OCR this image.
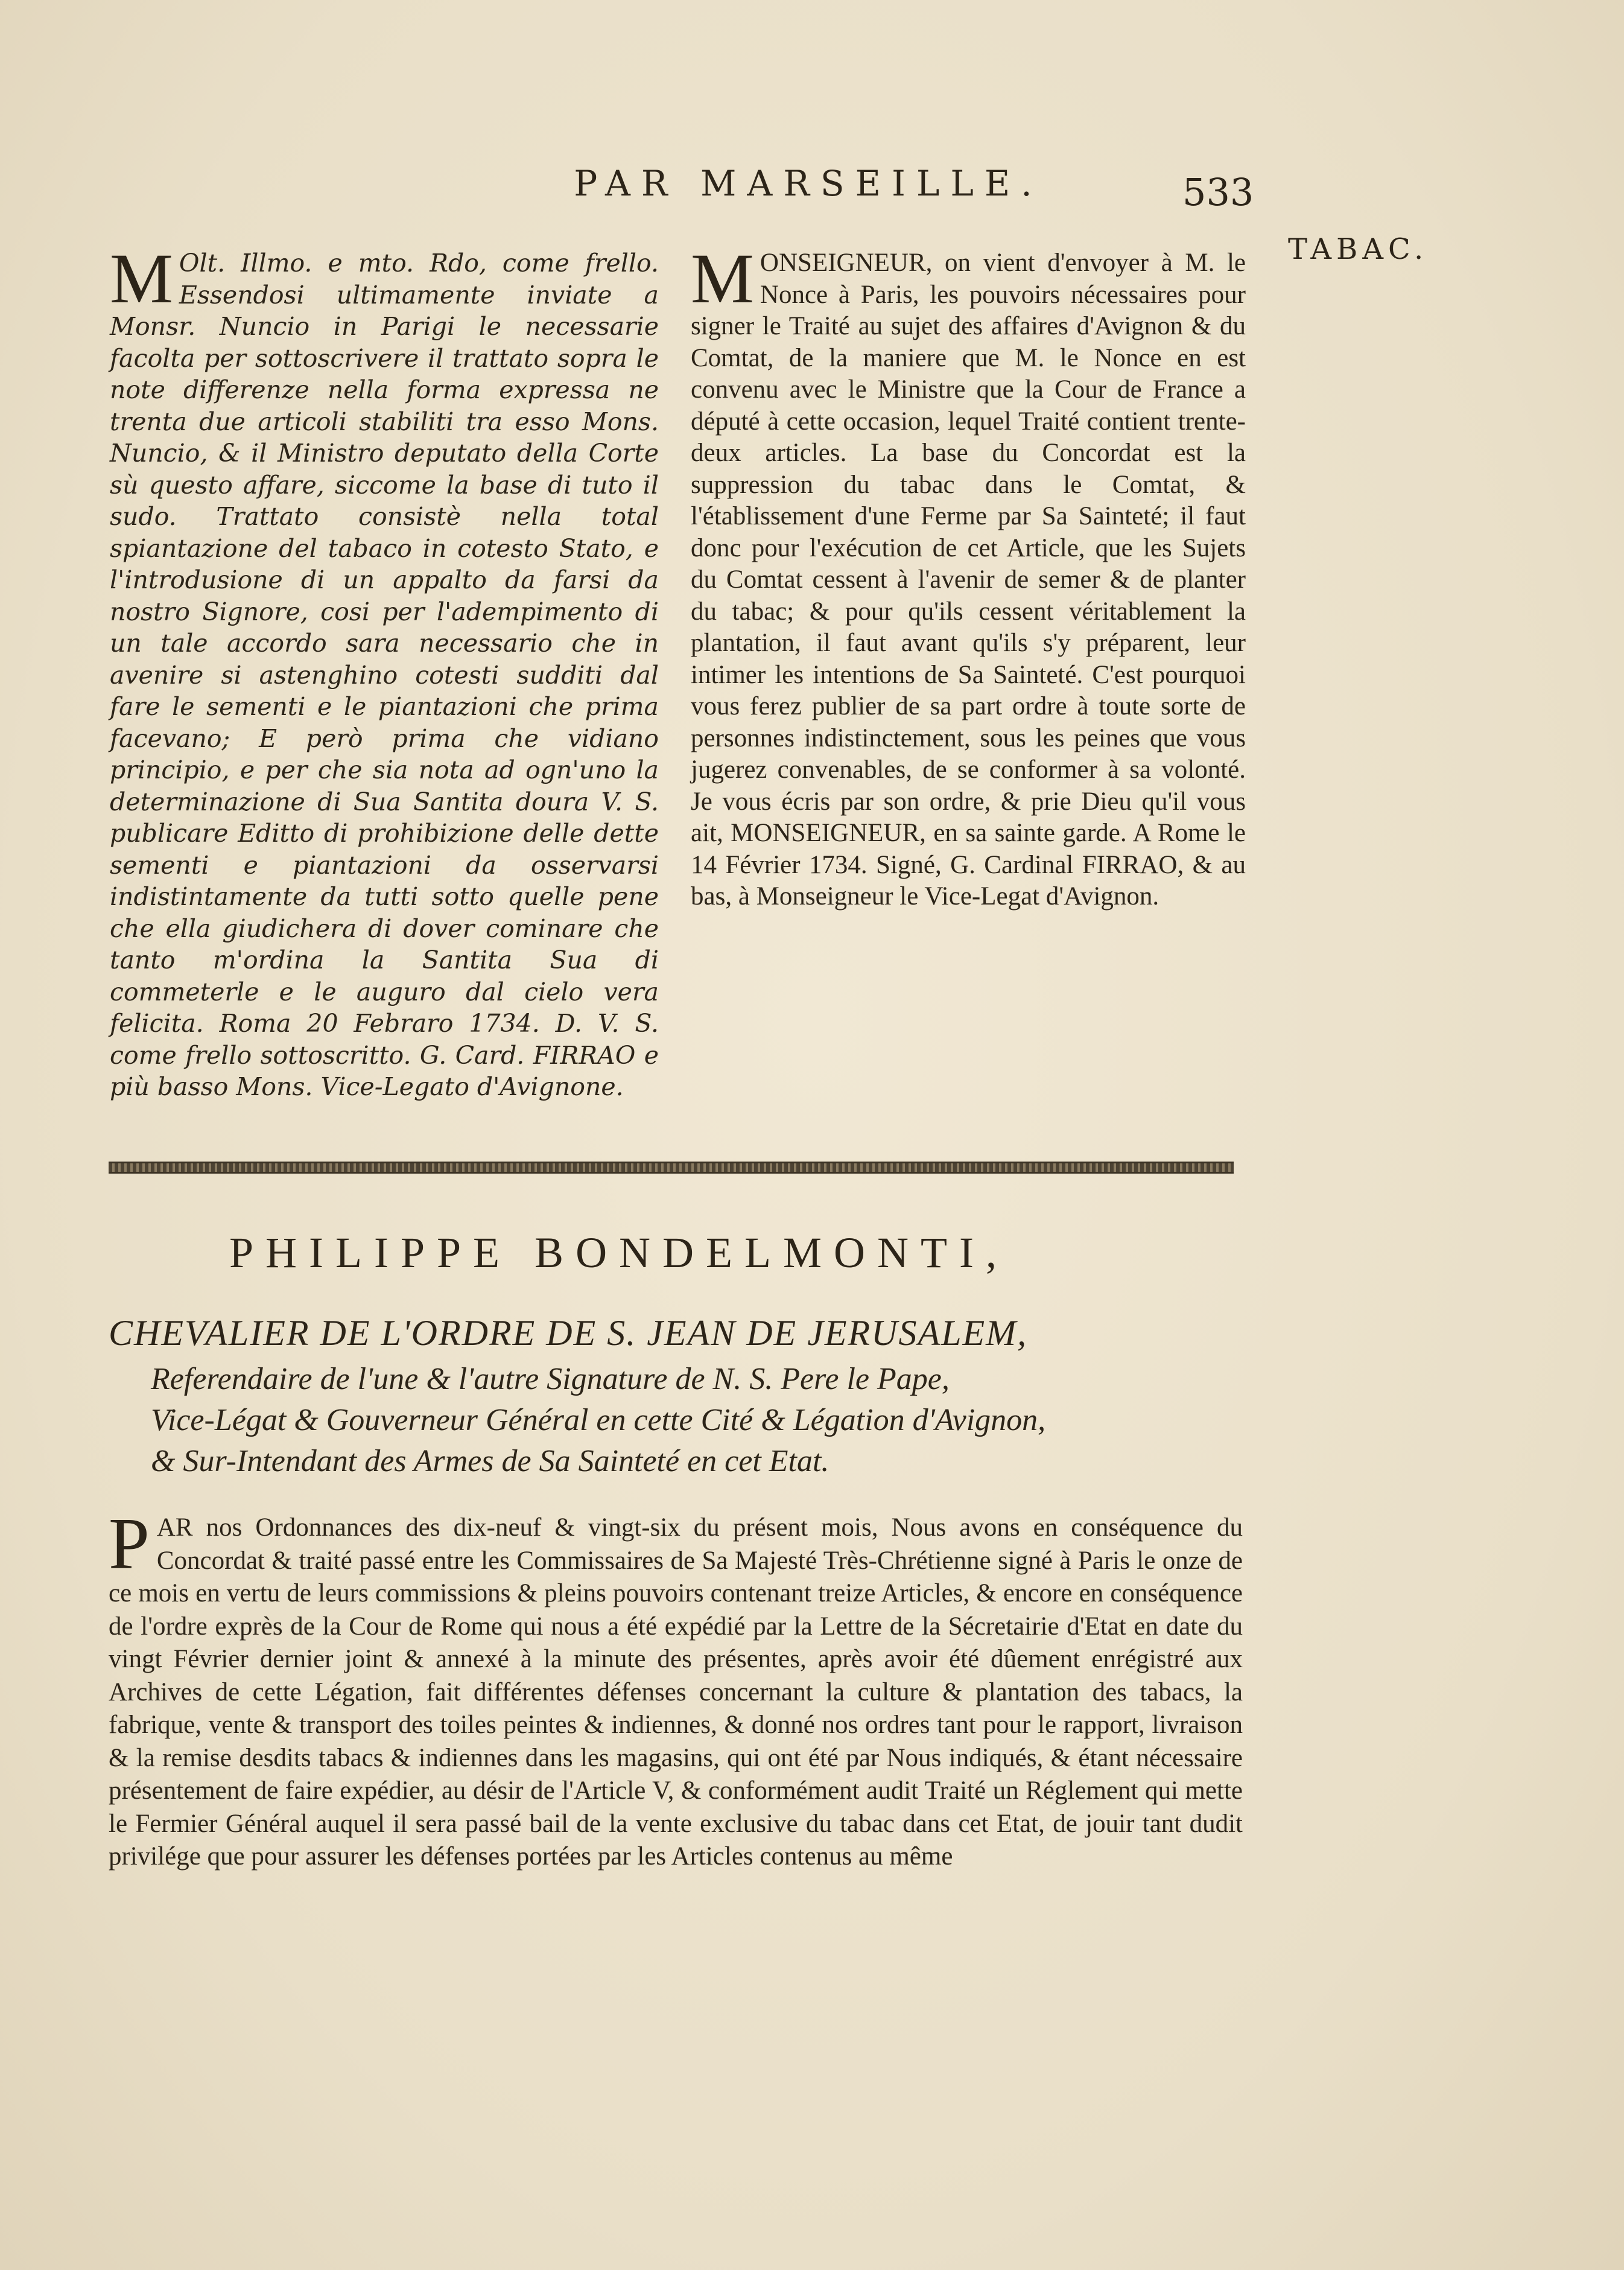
PAR MARSEILLE.	533
TABAC.

M Olt. Illmo. e mto. Rdo, come frello. Essendosi ultimamente inviate a Monsr. Nuncio in Parigi le necessarie facolta per sottoscrivere il trattato sopra le note differenze nella forma expressa ne trenta due articoli stabiliti tra esso Mons. Nuncio, & il Ministro deputato della Corte sù questo affare, siccome la base di tuto il sudo. Trattato consistè nella total spiantazione del tabaco in cotesto Stato, e l'introdusione di un appalto da farsi da nostro Signore, cosi per l'adempimento di un tale accordo sara necessario che in avenire si astenghino cotesti sudditi dal fare le sementi e le piantazioni che prima facevano; E però prima che vidiano principio, e per che sia nota ad ogn'uno la determinazione di Sua Santita doura V. S. publicare Editto di prohibizione delle dette sementi e piantazioni da osservarsi indistintamente da tutti sotto quelle pene che ella giudichera di dover cominare che tanto m'ordina la Santita Sua di commeterle e le auguro dal cielo vera felicita. Roma 20 Febraro 1734. D. V. S. come frello sottoscritto. G. Card. FIRRAO e più basso Mons. Vice-Legato d'Avignone.

MONSEIGNEUR, on vient d'envoyer à M. le Nonce à Paris, les pouvoirs nécessaires pour signer le Traité au sujet des affaires d'Avignon & du Comtat, de la maniere que M. le Nonce en est convenu avec le Ministre que la Cour de France a député à cette occasion, lequel Traité contient trente-deux articles. La base du Concordat est la suppression du tabac dans le Comtat, & l'établissement d'une Ferme par Sa Sainteté; il faut donc pour l'exécution de cet Article, que les Sujets du Comtat cessent à l'avenir de semer & de planter du tabac; & pour qu'ils cessent véritablement la plantation, il faut avant qu'ils s'y préparent, leur intimer les intentions de Sa Sainteté. C'est pourquoi vous ferez publier de sa part ordre à toute sorte de personnes indistinctement, sous les peines que vous jugerez convenables, de se conformer à sa volonté. Je vous écris par son ordre, & prie Dieu qu'il vous ait, MONSEIGNEUR, en sa sainte garde. A Rome le 14 Février 1734. Signé, G. Cardinal FIRRAO, & au bas, à Monseigneur le Vice-Legat d'Avignon.

PHILIPPE BONDELMONTI,
CHEVALIER DE L'ORDRE DE S. JEAN DE JERUSALEM,
Referendaire de l'une & l'autre Signature de N. S. Pere le Pape,
Vice-Légat & Gouverneur Général en cette Cité & Légation d'Avignon,
& Sur-Intendant des Armes de Sa Sainteté en cet Etat.

PAR nos Ordonnances des dix-neuf & vingt-six du présent mois, Nous avons en conséquence du Concordat & traité passé entre les Commissaires de Sa Majesté Très-Chrétienne signé à Paris le onze de ce mois en vertu de leurs commissions & pleins pouvoirs contenant treize Articles, & encore en conséquence de l'ordre exprès de la Cour de Rome qui nous a été expédié par la Lettre de la Sécretairie d'Etat en date du vingt Février dernier joint & annexé à la minute des présentes, après avoir été dûement enrégistré aux Archives de cette Légation, fait différentes défenses concernant la culture & plantation des tabacs, la fabrique, vente & transport des toiles peintes & indiennes, & donné nos ordres tant pour le rapport, livraison & la remise desdits tabacs & indiennes dans les magasins, qui ont été par Nous indiqués, & étant nécessaire présentement de faire expédier, au désir de l'Article V, & conformément audit Traité un Réglement qui mette le Fermier Général auquel il sera passé bail de la vente exclusive du tabac dans cet Etat, de jouir tant dudit privilége que pour assurer les défenses portées par les Articles contenus au même
